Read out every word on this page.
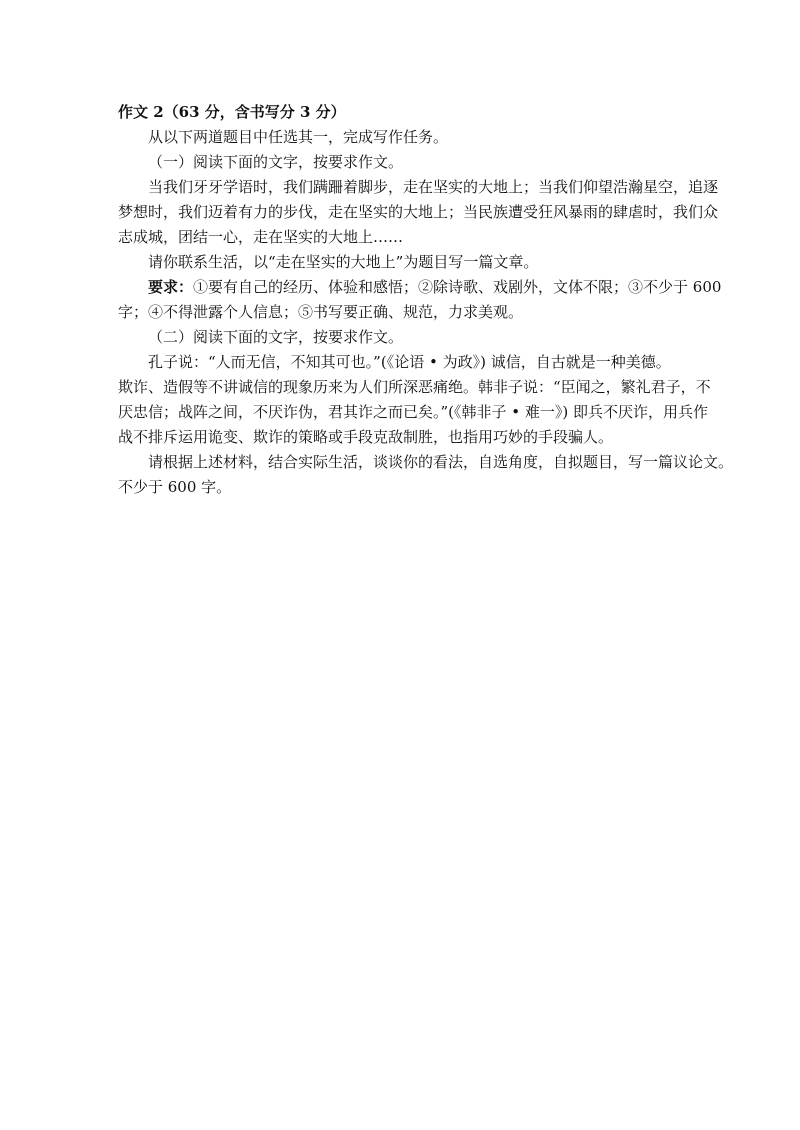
作文 2（63 分，含书写分 3 分）
从以下两道题目中任选其一，完成写作任务。
（一）阅读下面的文字，按要求作文。
当我们牙牙学语时，我们蹒跚着脚步，走在坚实的大地上；当我们仰望浩瀚星空，追逐
梦想时，我们迈着有力的步伐，走在坚实的大地上；当民族遭受狂风暴雨的肆虐时，我们众
志成城，团结一心，走在坚实的大地上……
请你联系生活，以“走在坚实的大地上”为题目写一篇文章。
要求：①要有自己的经历、体验和感悟；②除诗歌、戏剧外，文体不限；③不少于 600
字；④不得泄露个人信息；⑤书写要正确、规范，力求美观。
（二）阅读下面的文字，按要求作文。
孔子说：“人而无信，不知其可也。”(《论语 • 为政》) 诚信，自古就是一种美德。
欺诈、造假等不讲诚信的现象历来为人们所深恶痛绝。韩非子说：“臣闻之，繁礼君子，不
厌忠信；战阵之间，不厌诈伪，君其诈之而已矣。”(《韩非子 • 难一》) 即兵不厌诈，用兵作
战不排斥运用诡变、欺诈的策略或手段克敌制胜，也指用巧妙的手段骗人。
请根据上述材料，结合实际生活，谈谈你的看法，自选角度，自拟题目，写一篇议论文。
不少于 600 字。
